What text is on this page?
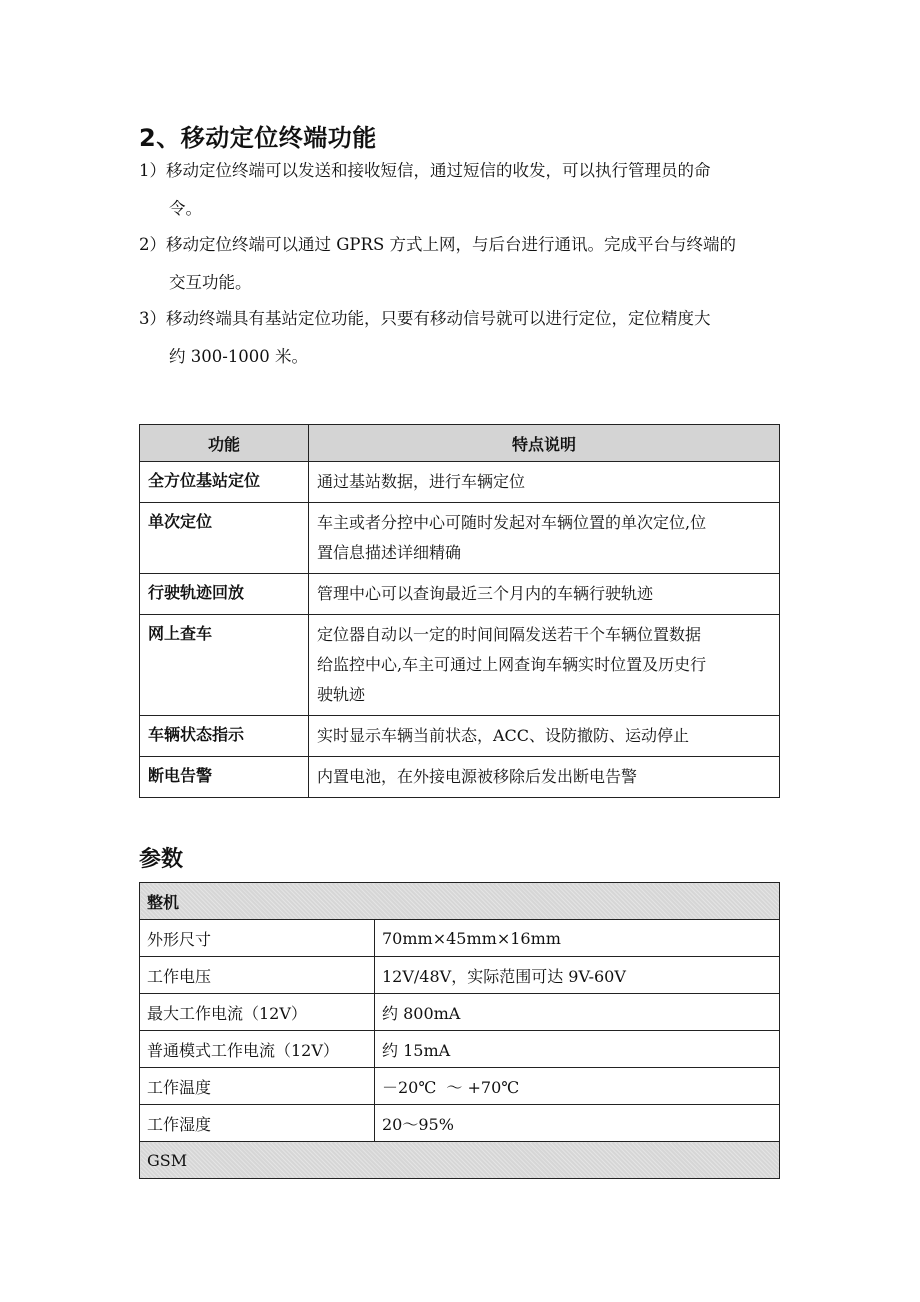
2、移动定位终端功能
1）移动定位终端可以发送和接收短信，通过短信的收发，可以执行管理员的命
令。
2）移动定位终端可以通过 GPRS 方式上网，与后台进行通讯。完成平台与终端的
交互功能。
3）移动终端具有基站定位功能，只要有移动信号就可以进行定位，定位精度大
约 300-1000 米。
功能	特点说明
全方位基站定位	通过基站数据，进行车辆定位

单次定位	车主或者分控中心可随时发起对车辆位置的单次定位,位
置信息描述详细精确

行驶轨迹回放	管理中心可以查询最近三个月内的车辆行驶轨迹

网上查车	定位器自动以一定的时间间隔发送若干个车辆位置数据
给监控中心,车主可通过上网查询车辆实时位置及历史行
驶轨迹

车辆状态指示	实时显示车辆当前状态，ACC、设防撤防、运动停止

断电告警	内置电池，在外接电源被移除后发出断电告警
参数
整机	
外形尺寸	70mm×45mm×16mm
工作电压	12V/48V，实际范围可达 9V-60V
最大工作电流（12V）	约 800mA
普通模式工作电流（12V）	约 15mA
工作温度	－20℃  ～ +70℃
工作湿度	20～95%
GSM	
